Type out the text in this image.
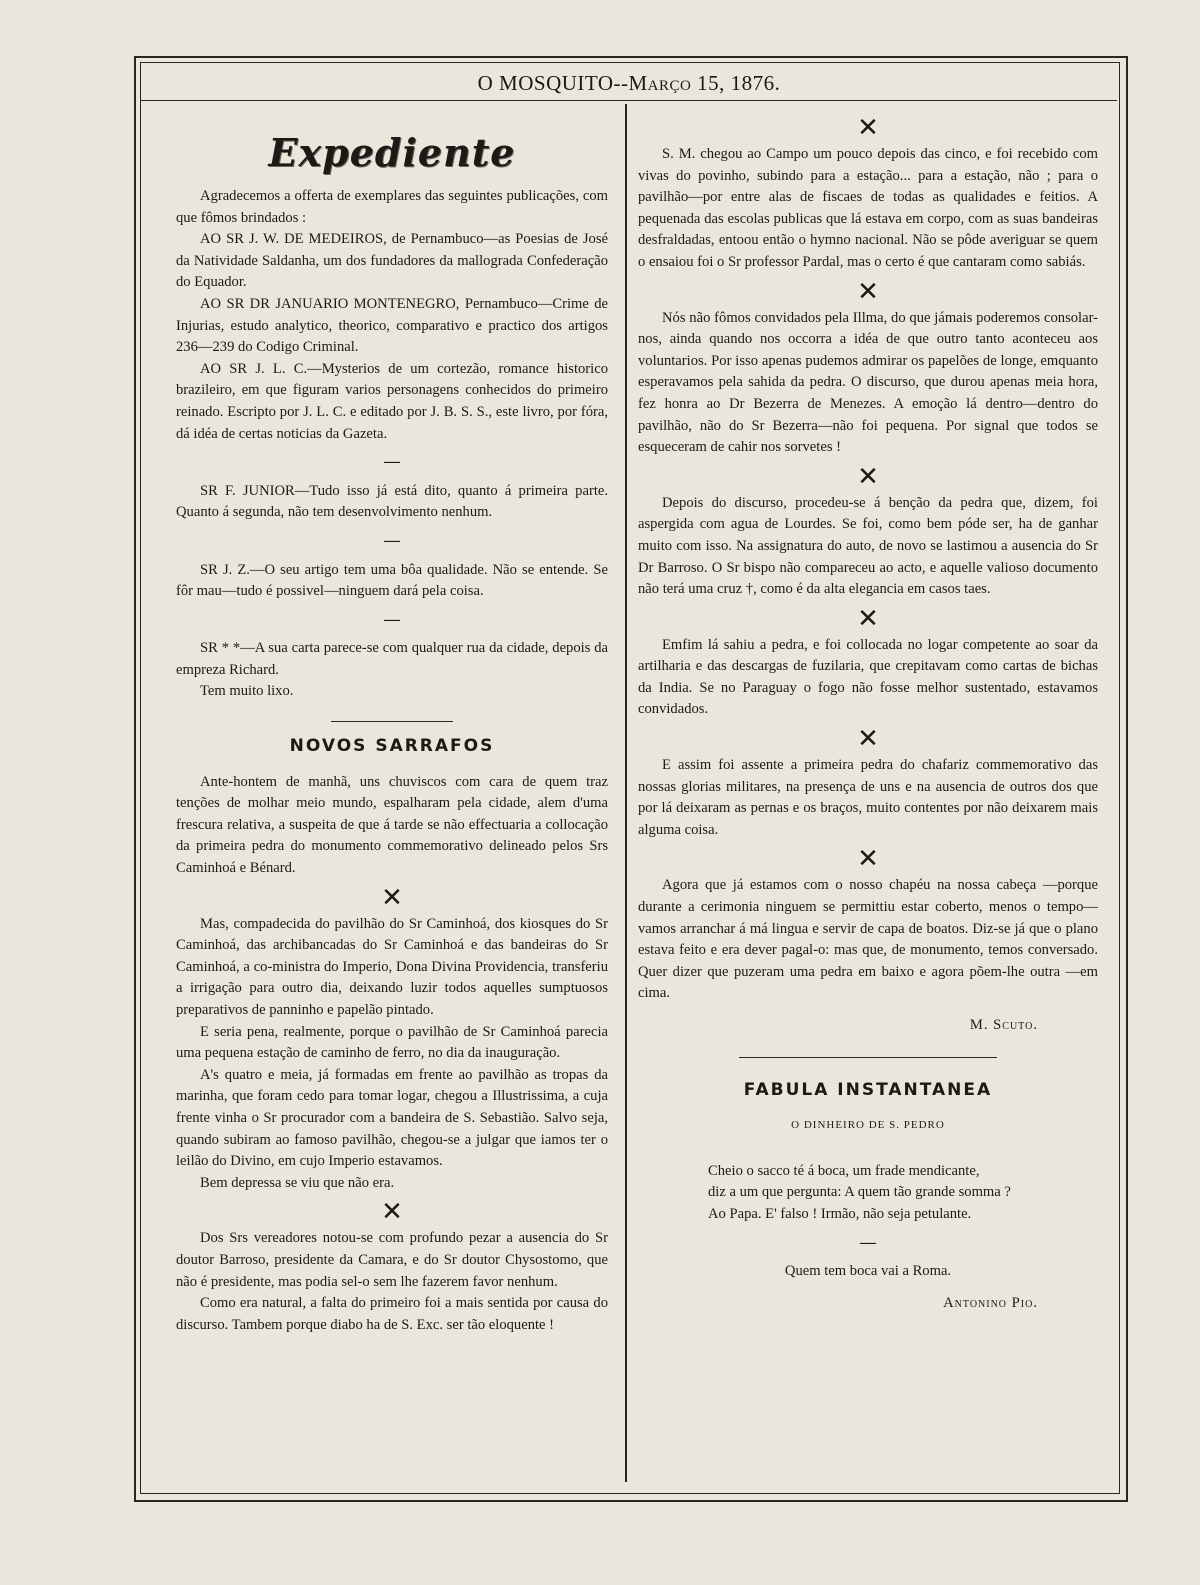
O MOSQUITO--Março 15, 1876.
Expediente

Agradecemos a offerta de exemplares das seguintes publicações, com que fômos brindados :

AO SR J. W. DE MEDEIROS, de Pernambuco—as Poesias de José da Natividade Saldanha, um dos fundadores da mallograda Confederação do Equador.

AO SR DR JANUARIO MONTENEGRO, Pernambuco—Crime de Injurias, estudo analytico, theorico, comparativo e practico dos artigos 236—239 do Codigo Criminal.

AO SR J. L. C.—Mysterios de um cortezão, romance historico brazileiro, em que figuram varios personagens conhecidos do primeiro reinado. Escripto por J. L. C. e editado por J. B. S. S., este livro, por fóra, dá idéa de certas noticias da Gazeta.

—

SR F. JUNIOR—Tudo isso já está dito, quanto á primeira parte. Quanto á segunda, não tem desenvolvimento nenhum.

—

SR J. Z.—O seu artigo tem uma bôa qualidade. Não se entende. Se fôr mau—tudo é possivel—ninguem dará pela coisa.

—

SR * *—A sua carta parece-se com qualquer rua da cidade, depois da empreza Richard.

Tem muito lixo.

NOVOS SARRAFOS

Ante-hontem de manhã, uns chuviscos com cara de quem traz tenções de molhar meio mundo, espalharam pela cidade, alem d'uma frescura relativa, a suspeita de que á tarde se não effectuaria a collocação da primeira pedra do monumento commemorativo delineado pelos Srs Caminhoá e Bénard.

✕

Mas, compadecida do pavilhão do Sr Caminhoá, dos kiosques do Sr Caminhoá, das archibancadas do Sr Caminhoá e das bandeiras do Sr Caminhoá, a co-ministra do Imperio, Dona Divina Providencia, transferiu a irrigação para outro dia, deixando luzir todos aquelles sumptuosos preparativos de panninho e papelão pintado.

E seria pena, realmente, porque o pavilhão de Sr Caminhoá parecia uma pequena estação de caminho de ferro, no dia da inauguração.

A's quatro e meia, já formadas em frente ao pavilhão as tropas da marinha, que foram cedo para tomar logar, chegou a Illustrissima, a cuja frente vinha o Sr procurador com a bandeira de S. Sebastião. Salvo seja, quando subiram ao famoso pavilhão, chegou-se a julgar que iamos ter o leilão do Divino, em cujo Imperio estavamos.

Bem depressa se viu que não era.

✕

Dos Srs vereadores notou-se com profundo pezar a ausencia do Sr doutor Barroso, presidente da Camara, e do Sr doutor Chysostomo, que não é presidente, mas podia sel-o sem lhe fazerem favor nenhum.

Como era natural, a falta do primeiro foi a mais sentida por causa do discurso. Tambem porque diabo ha de S. Exc. ser tão eloquente !

✕

S. M. chegou ao Campo um pouco depois das cinco, e foi recebido com vivas do povinho, subindo para a estação... para a estação, não ; para o pavilhão—por entre alas de fiscaes de todas as qualidades e feitios. A pequenada das escolas publicas que lá estava em corpo, com as suas bandeiras desfraldadas, entoou então o hymno nacional. Não se pôde averiguar se quem o ensaiou foi o Sr professor Pardal, mas o certo é que cantaram como sabiás.

✕

Nós não fômos convidados pela Illma, do que jámais poderemos consolar-nos, ainda quando nos occorra a idéa de que outro tanto aconteceu aos voluntarios. Por isso apenas pudemos admirar os papelões de longe, emquanto esperavamos pela sahida da pedra. O discurso, que durou apenas meia hora, fez honra ao Dr Bezerra de Menezes. A emoção lá dentro—dentro do pavilhão, não do Sr Bezerra—não foi pequena. Por signal que todos se esqueceram de cahir nos sorvetes !

✕

Depois do discurso, procedeu-se á benção da pedra que, dizem, foi aspergida com agua de Lourdes. Se foi, como bem póde ser, ha de ganhar muito com isso. Na assignatura do auto, de novo se lastimou a ausencia do Sr Dr Barroso. O Sr bispo não compareceu ao acto, e aquelle valioso documento não terá uma cruz †, como é da alta elegancia em casos taes.

✕

Emfim lá sahiu a pedra, e foi collocada no logar competente ao soar da artilharia e das descargas de fuzilaria, que crepitavam como cartas de bichas da India. Se no Paraguay o fogo não fosse melhor sustentado, estavamos convidados.

✕

E assim foi assente a primeira pedra do chafariz commemorativo das nossas glorias militares, na presença de uns e na ausencia de outros dos que por lá deixaram as pernas e os braços, muito contentes por não deixarem mais alguma coisa.

✕

Agora que já estamos com o nosso chapéu na nossa cabeça —porque durante a cerimonia ninguem se permittiu estar coberto, menos o tempo—vamos arranchar á má lingua e servir de capa de boatos. Diz-se já que o plano estava feito e era dever pagal-o: mas que, de monumento, temos conversado. Quer dizer que puzeram uma pedra em baixo e agora põem-lhe outra —em cima.

M. Scuto.
FABULA INSTANTANEA
O DINHEIRO DE S. PEDRO
Cheio o sacco té á boca, um frade mendicante,
diz a um que pergunta: A quem tão grande somma ?
Ao Papa. E' falso ! Irmão, não seja petulante.
—
Quem tem boca vai a Roma.
Antonino Pio.
